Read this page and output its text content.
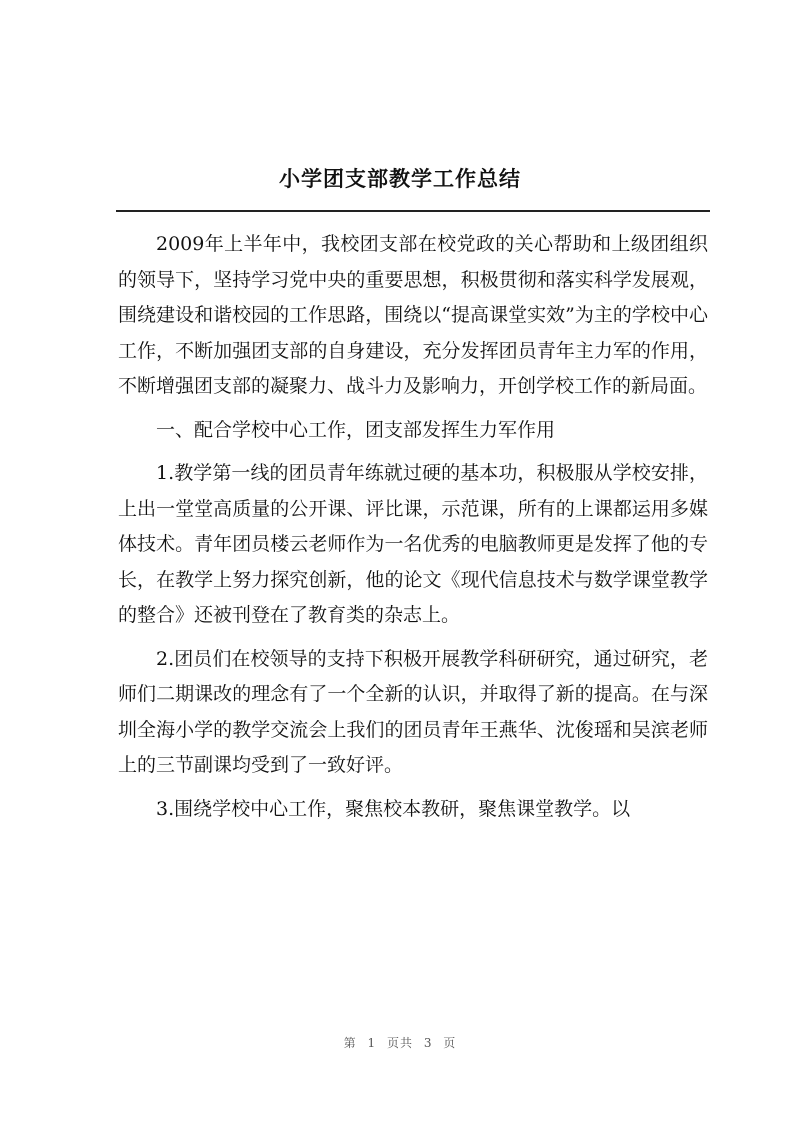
小学团支部教学工作总结

2009年上半年中，我校团支部在校党政的关心帮助和上级团组织的领导下，坚持学习党中央的重要思想，积极贯彻和落实科学发展观，围绕建设和谐校园的工作思路，围绕以“提高课堂实效”为主的学校中心工作，不断加强团支部的自身建设，充分发挥团员青年主力军的作用，不断增强团支部的凝聚力、战斗力及影响力，开创学校工作的新局面。

一、配合学校中心工作，团支部发挥生力军作用

1.教学第一线的团员青年练就过硬的基本功，积极服从学校安排，上出一堂堂高质量的公开课、评比课，示范课，所有的上课都运用多媒体技术。青年团员楼云老师作为一名优秀的电脑教师更是发挥了他的专长，在教学上努力探究创新，他的论文《现代信息技术与数学课堂教学的整合》还被刊登在了教育类的杂志上。

2.团员们在校领导的支持下积极开展教学科研研究，通过研究，老师们二期课改的理念有了一个全新的认识，并取得了新的提高。在与深圳全海小学的教学交流会上我们的团员青年王燕华、沈俊瑶和吴滨老师上的三节副课均受到了一致好评。

3.围绕学校中心工作，聚焦校本教研，聚焦课堂教学。以

第 1 页共 3 页
